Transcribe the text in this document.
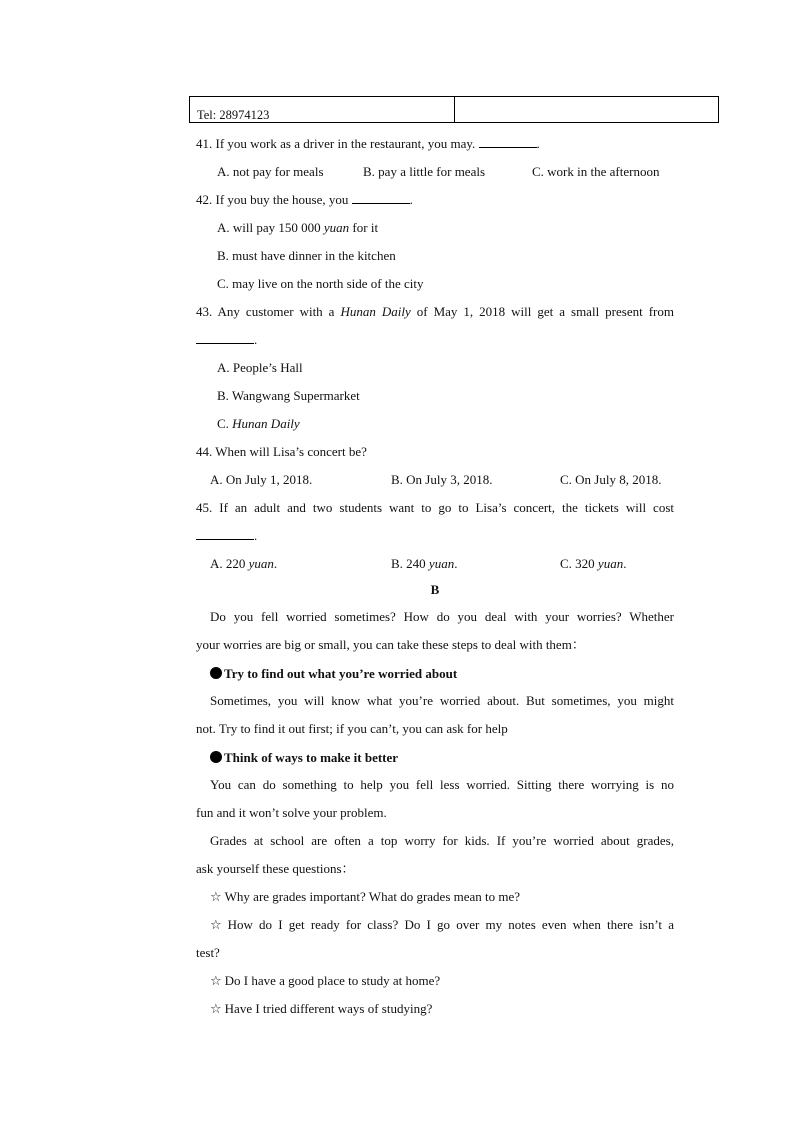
Tel: 28974123
41. If you work as a driver in the restaurant, you may.	.
A. not pay for meals	B. pay a little for meals	C. work in the afternoon
42. If you buy the house, you	.
A. will pay 150 000 yuan for it
B. must have dinner in the kitchen
C. may live on the north side of the city
43. Any customer with a Hunan Daily of May 1, 2018 will get a small present from
.
A. People’s Hall
B. Wangwang Supermarket
C. Hunan Daily
44. When will Lisa’s concert be?
A. On July 1, 2018.	B. On July 3, 2018.	C. On July 8, 2018.
45. If an adult and two students want to go to Lisa’s concert, the tickets will cost
.
A. 220 yuan.	B. 240 yuan.	C. 320 yuan.
B
Do you fell worried sometimes? How do you deal with your worries? Whether
your worries are big or small, you can take these steps to deal with them：
Try to find out what you’re worried about
Sometimes, you will know what you’re worried about. But sometimes, you might
not. Try to find it out first; if you can’t, you can ask for help
Think of ways to make it better
You can do something to help you fell less worried. Sitting there worrying is no
fun and it won’t solve your problem.
Grades at school are often a top worry for kids. If you’re worried about grades,
ask yourself these questions：
☆ Why are grades important? What do grades mean to me?
☆ How do I get ready for class? Do I go over my notes even when there isn’t a
test?
☆ Do I have a good place to study at home?
☆ Have I tried different ways of studying?
